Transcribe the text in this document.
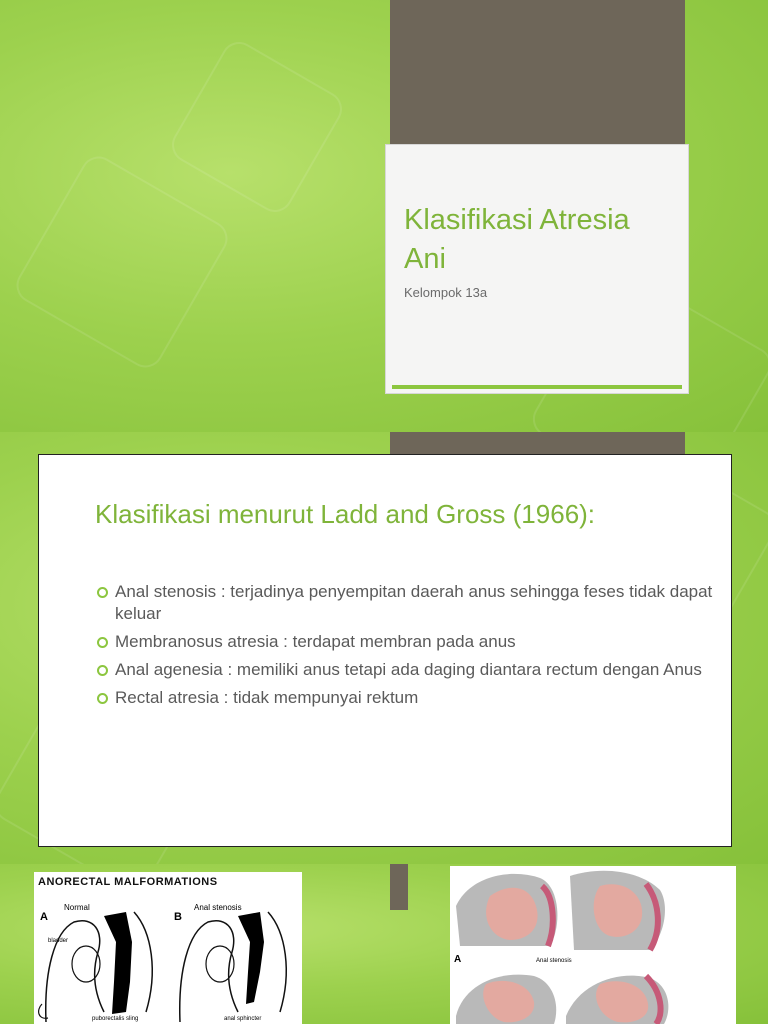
Klasifikasi Atresia Ani
Kelompok 13a
Klasifikasi menurut Ladd and Gross (1966):
Anal stenosis : terjadinya penyempitan daerah anus sehingga feses tidak dapat keluar
Membranosus atresia : terdapat membran pada anus
Anal agenesia : memiliki anus tetapi ada daging diantara rectum dengan Anus
Rectal atresia : tidak mempunyai rektum
ANORECTAL MALFORMATIONS
A
Normal
B
Anal stenosis
bladder
puborectalis sling	anal sphincter
A	Anal stenosis
